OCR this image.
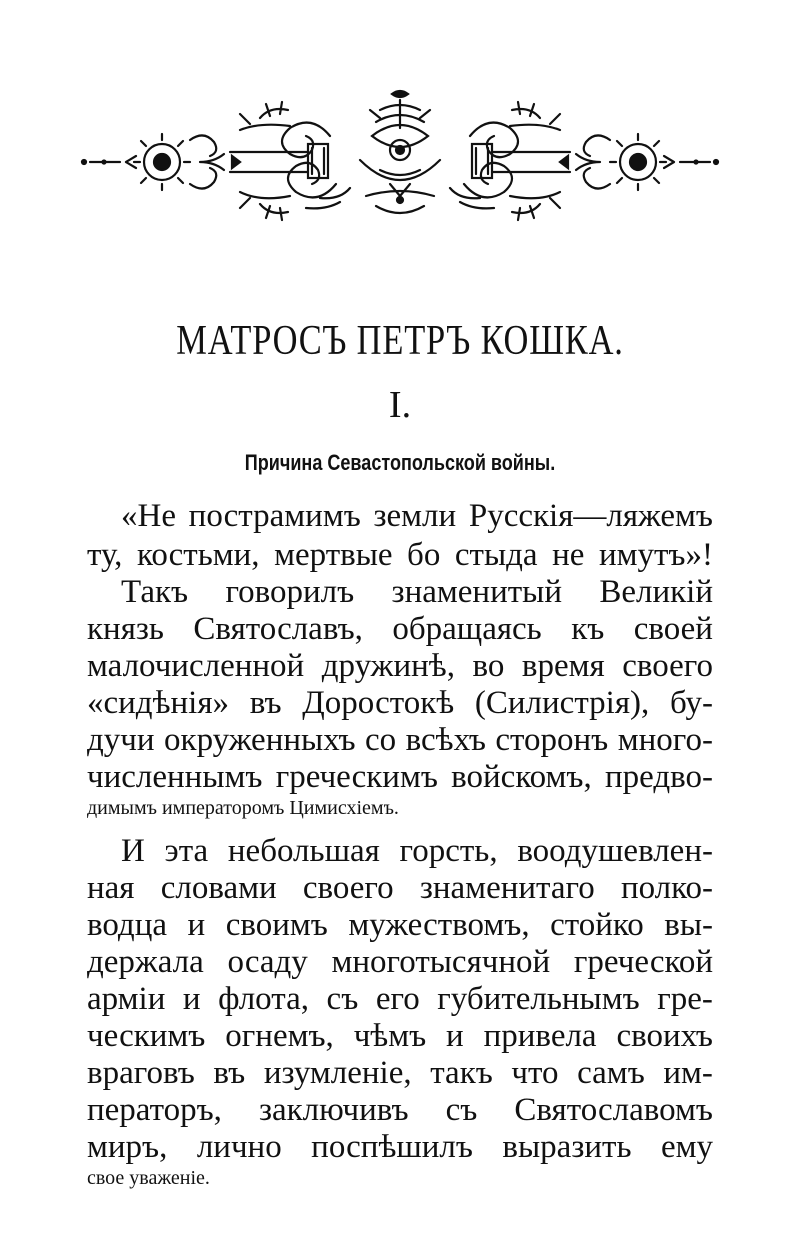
МАТРОСЪ ПЕТРЪ КОШКА.
I.
Причина Севастопольской войны.
«Не пострамимъ земли Русскія—ляжемъ
ту, костьми, мертвые бо стыда не имутъ»!
Такъ говорилъ знаменитый Великій
князь Святославъ, обращаясь къ своей
малочисленной дружинѣ, во время своего
«сидѣнія» въ Доростокѣ (Силистрія), бу-
дучи окруженныхъ со всѣхъ сторонъ много-
численнымъ греческимъ войскомъ, предво-
димымъ императоромъ Цимисхіемъ.
И эта небольшая горсть, воодушевлен-
ная словами своего знаменитаго полко-
водца и своимъ мужествомъ, стойко вы-
держала осаду многотысячной греческой
арміи и флота, съ его губительнымъ гре-
ческимъ огнемъ, чѣмъ и привела своихъ
враговъ въ изумленіе, такъ что самъ им-
ператоръ, заключивъ съ Святославомъ
миръ, лично поспѣшилъ выразить ему
свое уваженіе.
